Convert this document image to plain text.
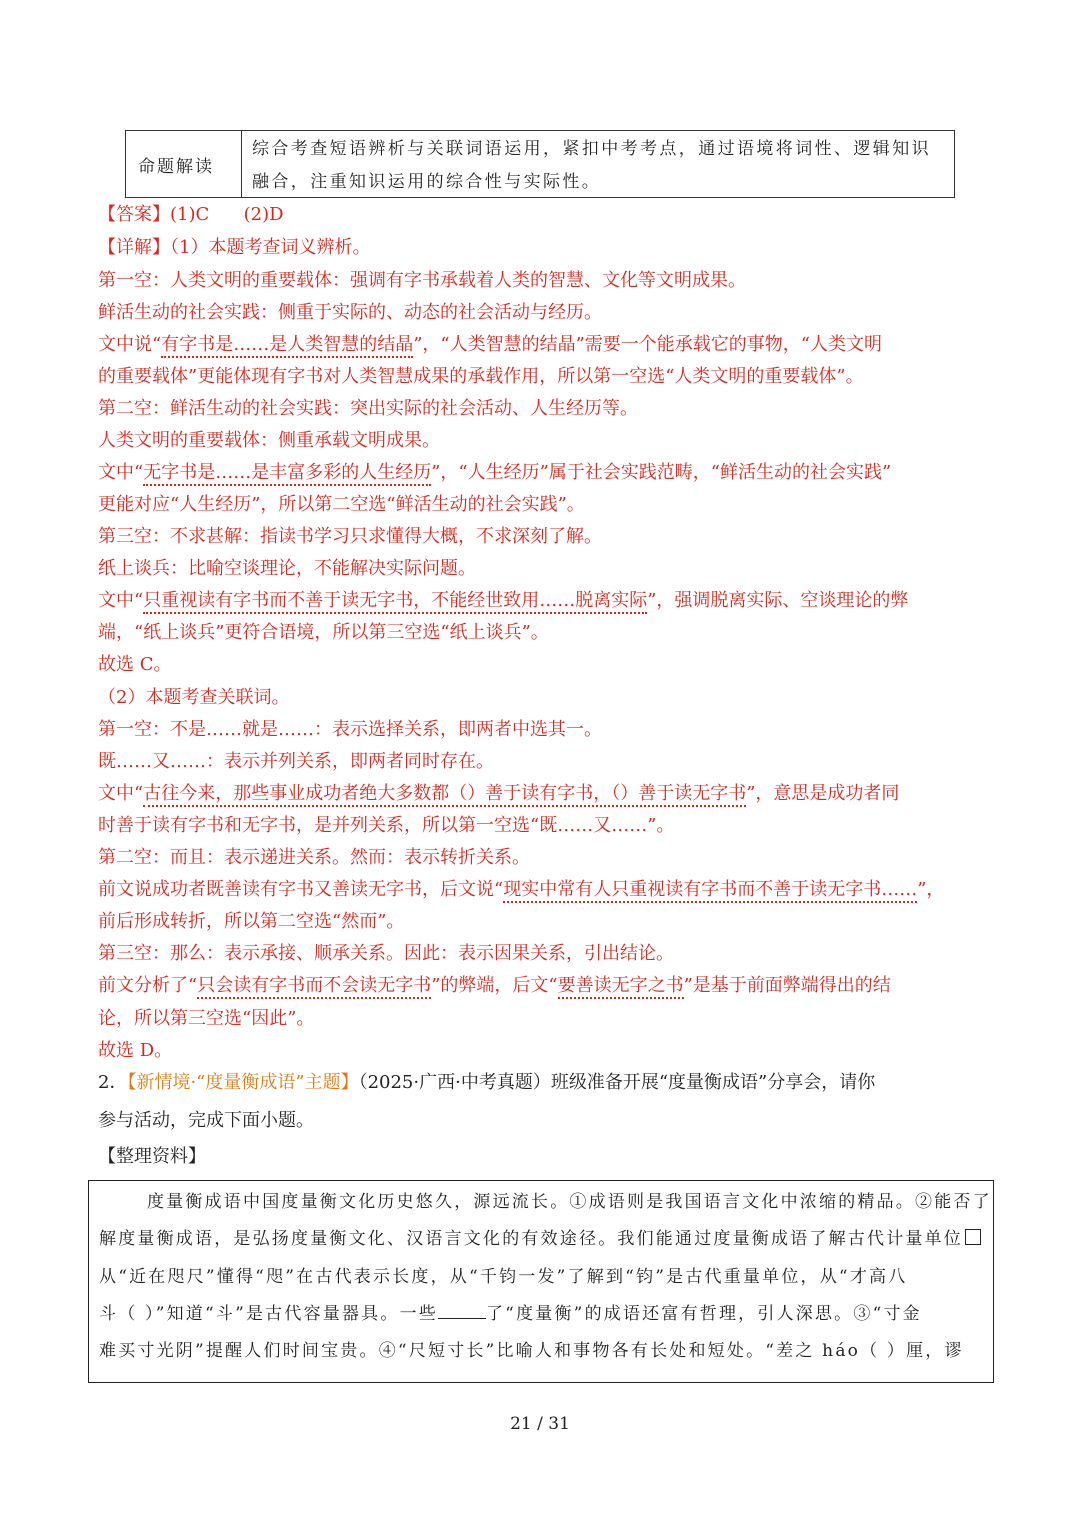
命题解读
综合考查短语辨析与关联词语运用，紧扣中考考点，通过语境将词性、逻辑知识
融合，注重知识运用的综合性与实际性。
【答案】(1)C      (2)D
【详解】（1）本题考查词义辨析。
第一空：人类文明的重要载体：强调有字书承载着人类的智慧、文化等文明成果。
鲜活生动的社会实践：侧重于实际的、动态的社会活动与经历。
文中说“有字书是……是人类智慧的结晶”，“人类智慧的结晶”需要一个能承载它的事物，“人类文明
的重要载体”更能体现有字书对人类智慧成果的承载作用，所以第一空选“人类文明的重要载体”。
第二空：鲜活生动的社会实践：突出实际的社会活动、人生经历等。
人类文明的重要载体：侧重承载文明成果。
文中“无字书是……是丰富多彩的人生经历”，“人生经历”属于社会实践范畴，“鲜活生动的社会实践”
更能对应“人生经历”，所以第二空选“鲜活生动的社会实践”。
第三空：不求甚解：指读书学习只求懂得大概，不求深刻了解。
纸上谈兵：比喻空谈理论，不能解决实际问题。
文中“只重视读有字书而不善于读无字书，不能经世致用……脱离实际”，强调脱离实际、空谈理论的弊
端，“纸上谈兵”更符合语境，所以第三空选“纸上谈兵”。
故选 C。
（2）本题考查关联词。
第一空：不是……就是……：表示选择关系，即两者中选其一。
既……又……：表示并列关系，即两者同时存在。
文中“古往今来，那些事业成功者绝大多数都（）善于读有字书，（）善于读无字书”，意思是成功者同
时善于读有字书和无字书，是并列关系，所以第一空选“既……又……”。
第二空：而且：表示递进关系。然而：表示转折关系。
前文说成功者既善读有字书又善读无字书，后文说“现实中常有人只重视读有字书而不善于读无字书……”，
前后形成转折，所以第二空选“然而”。
第三空：那么：表示承接、顺承关系。因此：表示因果关系，引出结论。
前文分析了“只会读有字书而不会读无字书”的弊端，后文“要善读无字之书”是基于前面弊端得出的结
论，所以第三空选“因此”。
故选 D。
2．【新情境·“度量衡成语”主题】（2025·广西·中考真题）班级准备开展“度量衡成语”分享会，请你
参与活动，完成下面小题。
【整理资料】
度量衡成语中国度量衡文化历史悠久，源远流长。①成语则是我国语言文化中浓缩的精品。②能否了
解度量衡成语，是弘扬度量衡文化、汉语言文化的有效途径。我们能通过度量衡成语了解古代计量单位
从“近在咫尺”懂得“咫”在古代表示长度，从“千钧一发”了解到“钧”是古代重量单位，从“才高八
斗（ ）”知道“斗”是古代容量器具。一些	了“度量衡”的成语还富有哲理，引人深思。③“寸金
难买寸光阴”提醒人们时间宝贵。④“尺短寸长”比喻人和事物各有长处和短处。“差之 háo（ ）厘，谬
21 / 31
